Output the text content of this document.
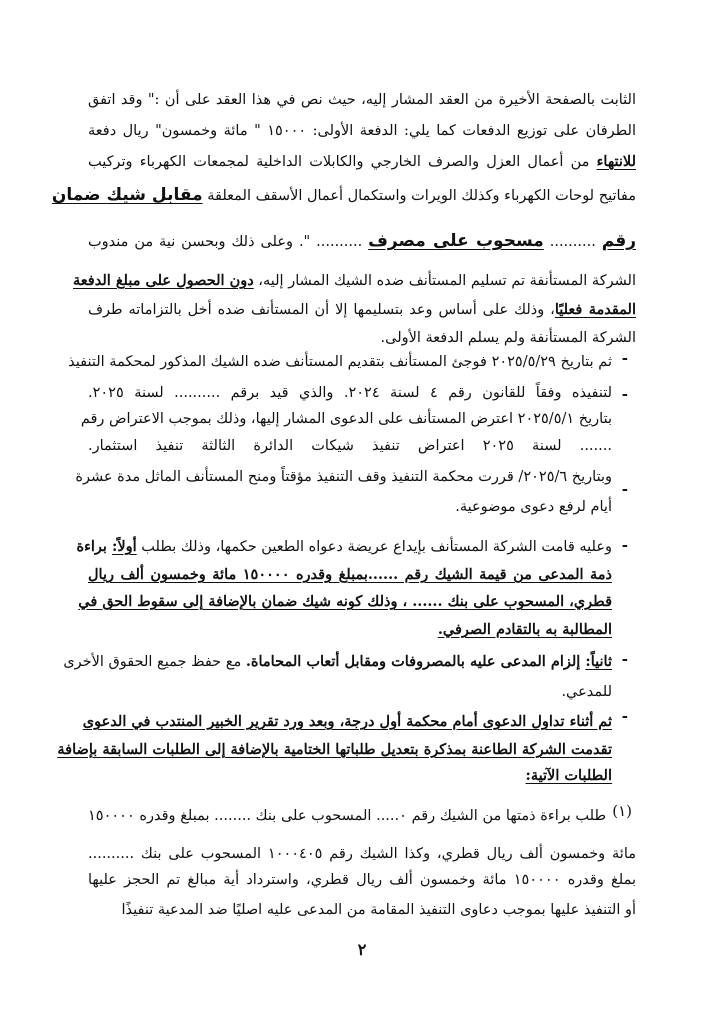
الثابت بالصفحة الأخيرة من العقد المشار إليه، حيث نص في هذا العقد على أن :" وقد اتفق
الطرفان على توزيع الدفعات كما يلي: الدفعة الأولى: ١٥٠٠٠ " مائة وخمسون" ريال دفعة
للانتهاء من أعمال العزل والصرف الخارجي والكابلات الداخلية لمجمعات الكهرباء وتركيب
مفاتيح لوحات الكهرباء وكذلك الويرات واستكمال أعمال الأسقف المعلقة مقابل شيك ضمان
رقم .......... مسحوب على مصرف .......... ". وعلى ذلك وبحسن نية من مندوب
الشركة المستأنفة تم تسليم المستأنف ضده الشيك المشار إليه، دون الحصول على مبلغ الدفعة
المقدمة فعليًا، وذلك على أساس وعد بتسليمها إلا أن المستأنف ضده أخل بالتزاماته طرف
الشركة المستأنفة ولم يسلم الدفعة الأولى.
ثم بتاريخ ٢٠٢٥/٥/٢٩ فوجئ المستأنف بتقديم المستأنف ضده الشيك المذكور لمحكمة التنفيذ
لتنفيذه وفقاً للقانون رقم ٤ لسنة ٢٠٢٤. والذي قيد برقم .......... لسنة ٢٠٢٥.
بتاريخ ٢٠٢٥/٥/١ اعترض المستأنف على الدعوى المشار إليها، وذلك بموجب الاعتراض رقم
....... لسنة ٢٠٢٥ اعتراض تنفيذ شيكات الدائرة الثالثة تنفيذ استثمار.
وبتاريخ ٢٠٢٥/٦/ قررت محكمة التنفيذ وقف التنفيذ مؤقتاً ومنح المستأنف الماثل مدة عشرة
أيام لرفع دعوى موضوعية.
وعليه قامت الشركة المستأنف بإيداع عريضة دعواه الطعين حكمها، وذلك بطلب أولاً: براءة
ذمة المدعى من قيمة الشيك رقم ......بمبلغ وقدره ١٥٠٠٠٠ مائة وخمسون ألف ريال
قطري، المسحوب على بنك ...... ، وذلك كونه شيك ضمان بالإضافة إلى سقوط الحق في
المطالبة به بالتقادم الصرفي.
ثانياً: إلزام المدعى عليه بالمصروفات ومقابل أتعاب المحاماة. مع حفظ جميع الحقوق الأخرى
للمدعي.
ثم أثناء تداول الدعوى أمام محكمة أول درجة، وبعد ورد تقرير الخبير المنتدب في الدعوى
تقدمت الشركة الطاعنة بمذكرة بتعديل طلباتها الختامية بالإضافة إلى الطلبات السابقة بإضافة
الطلبات الآتية:
طلب براءة ذمتها من الشيك رقم ٠..... المسحوب على بنك ........ بمبلغ وقدره ١٥٠٠٠٠
مائة وخمسون ألف ريال قطري، وكذا الشيك رقم ١٠٠٠٤٠٥ المسحوب على بنك ..........
بملغ وقدره ١٥٠٠٠٠ مائة وخمسون ألف ريال قطري، واسترداد أية مبالغ تم الحجز عليها
أو التنفيذ عليها بموجب دعاوى التنفيذ المقامة من المدعى عليه اصليًا ضد المدعية تنفيذًا
-
-
-
-
-
-
(١)
٢
